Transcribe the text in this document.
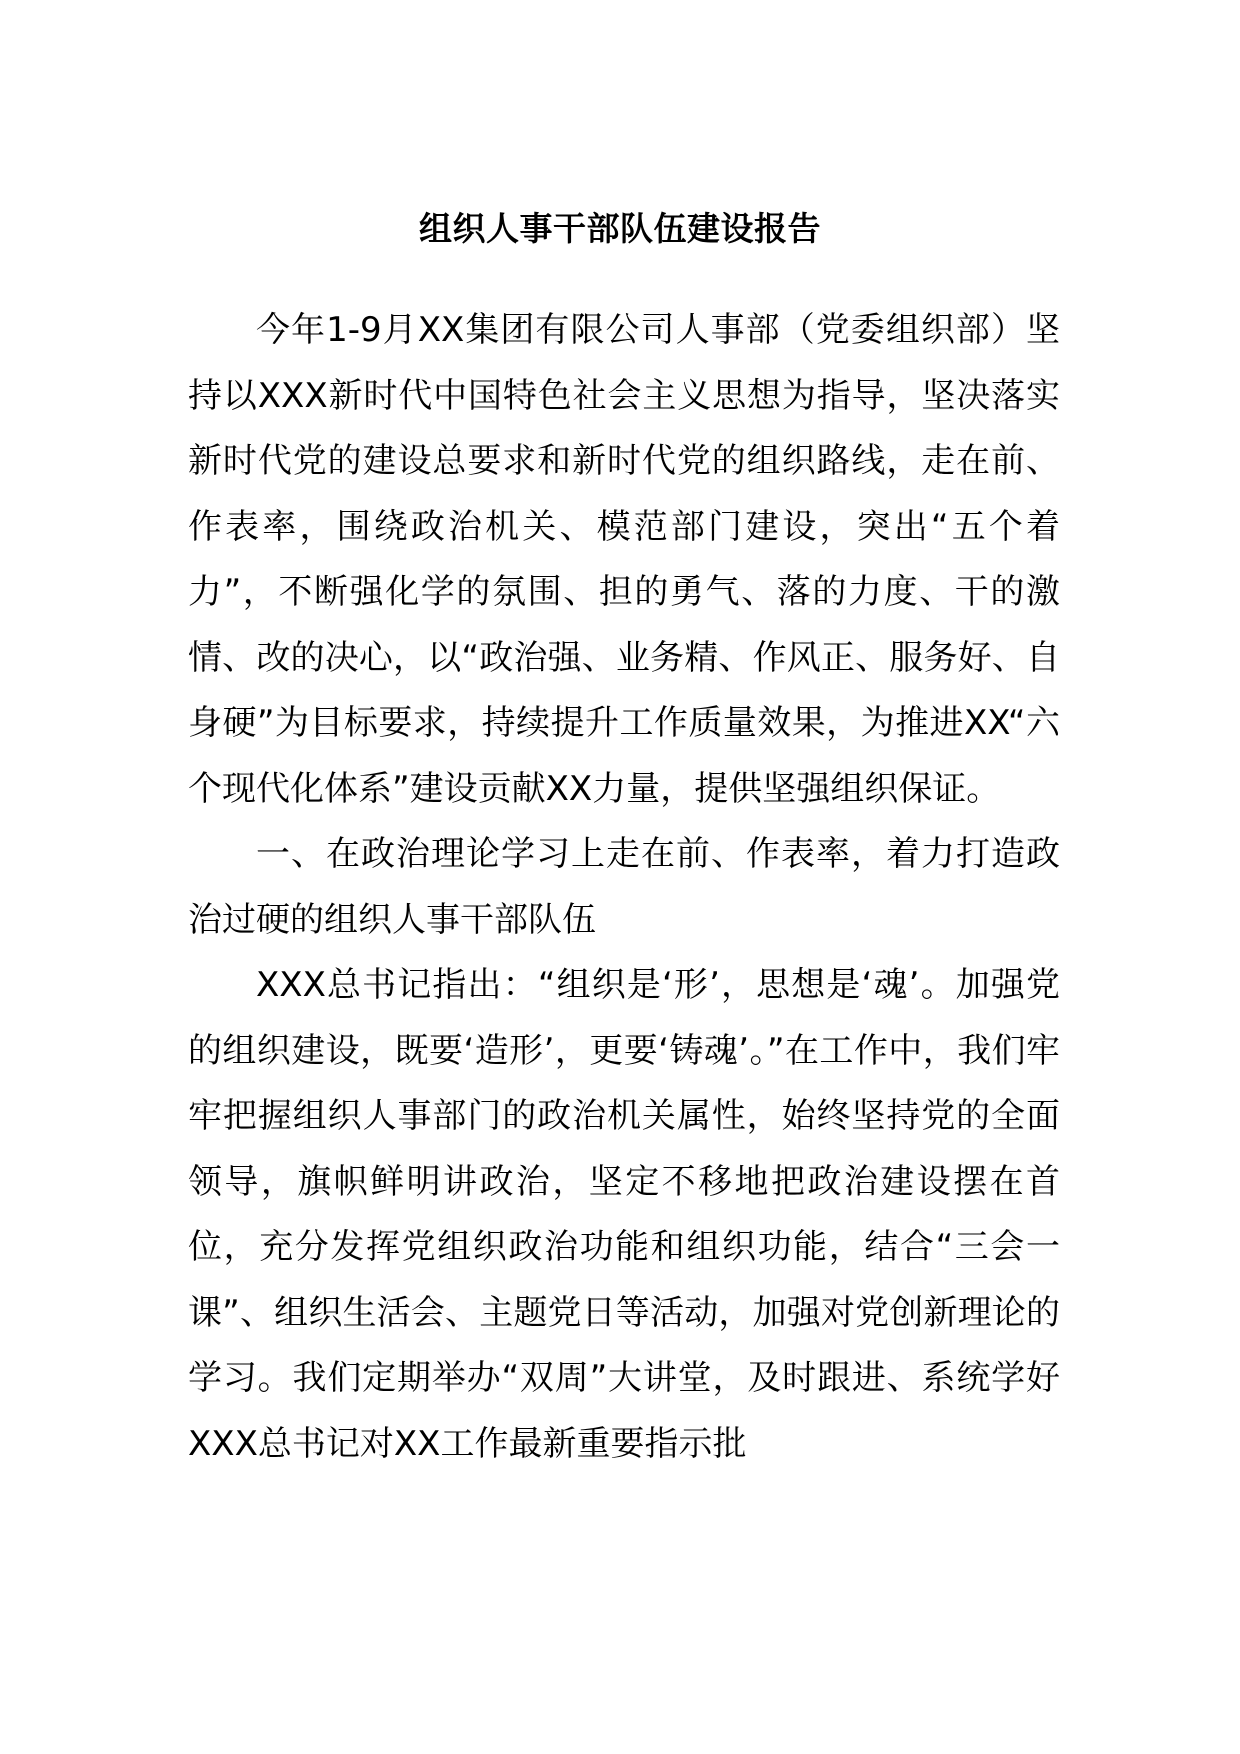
组织人事干部队伍建设报告

今年1-9月XX集团有限公司人事部（党委组织部）坚持以XXX新时代中国特色社会主义思想为指导，坚决落实新时代党的建设总要求和新时代党的组织路线，走在前、作表率，围绕政治机关、模范部门建设，突出“五个着力”，不断强化学的氛围、担的勇气、落的力度、干的激情、改的决心，以“政治强、业务精、作风正、服务好、自身硬”为目标要求，持续提升工作质量效果，为推进XX“六个现代化体系”建设贡献XX力量，提供坚强组织保证。

一、在政治理论学习上走在前、作表率，着力打造政治过硬的组织人事干部队伍

XXX总书记指出：“组织是‘形’，思想是‘魂’。加强党的组织建设，既要‘造形’，更要‘铸魂’。”在工作中，我们牢牢把握组织人事部门的政治机关属性，始终坚持党的全面领导，旗帜鲜明讲政治，坚定不移地把政治建设摆在首位，充分发挥党组织政治功能和组织功能，结合“三会一课”、组织生活会、主题党日等活动，加强对党创新理论的学习。我们定期举办“双周”大讲堂，及时跟进、系统学好XXX总书记对XX工作最新重要指示批
